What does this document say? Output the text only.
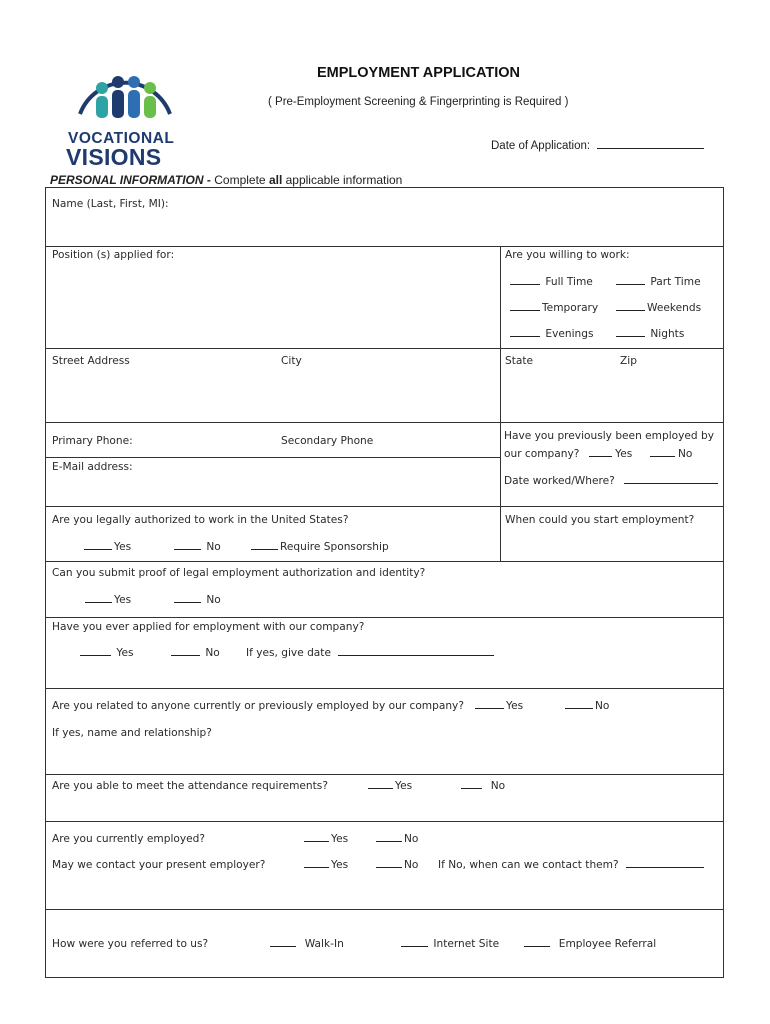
VOCATIONAL
VISIONS
EMPLOYMENT APPLICATION
( Pre-Employment Screening & Fingerprinting is Required )
Date of Application:
PERSONAL INFORMATION - Complete all applicable information
Name (Last, First, MI):
Position (s) applied for:	Are you willing to work:
Full Time	Part Time
Temporary	Weekends
Evenings	Nights
Street Address	City	State	Zip
Primary Phone:	Secondary Phone
E-Mail address:
Have you previously been employed by
our company?	Yes	No
Date worked/Where?
Are you legally authorized to work in the United States?
Yes	No	Require Sponsorship
When could you start employment?
Can you submit proof of legal employment authorization and identity?
Yes	No
Have you ever applied for employment with our company?
Yes	No If yes, give date
Are you related to anyone currently or previously employed by our company?	Yes	No
If yes, name and relationship?
Are you able to meet the attendance requirements?	Yes	No
Are you currently employed?	Yes	No
May we contact your present employer?	Yes	No If No, when can we contact them?
How were you referred to us?	Walk-In	Internet Site	Employee Referral
